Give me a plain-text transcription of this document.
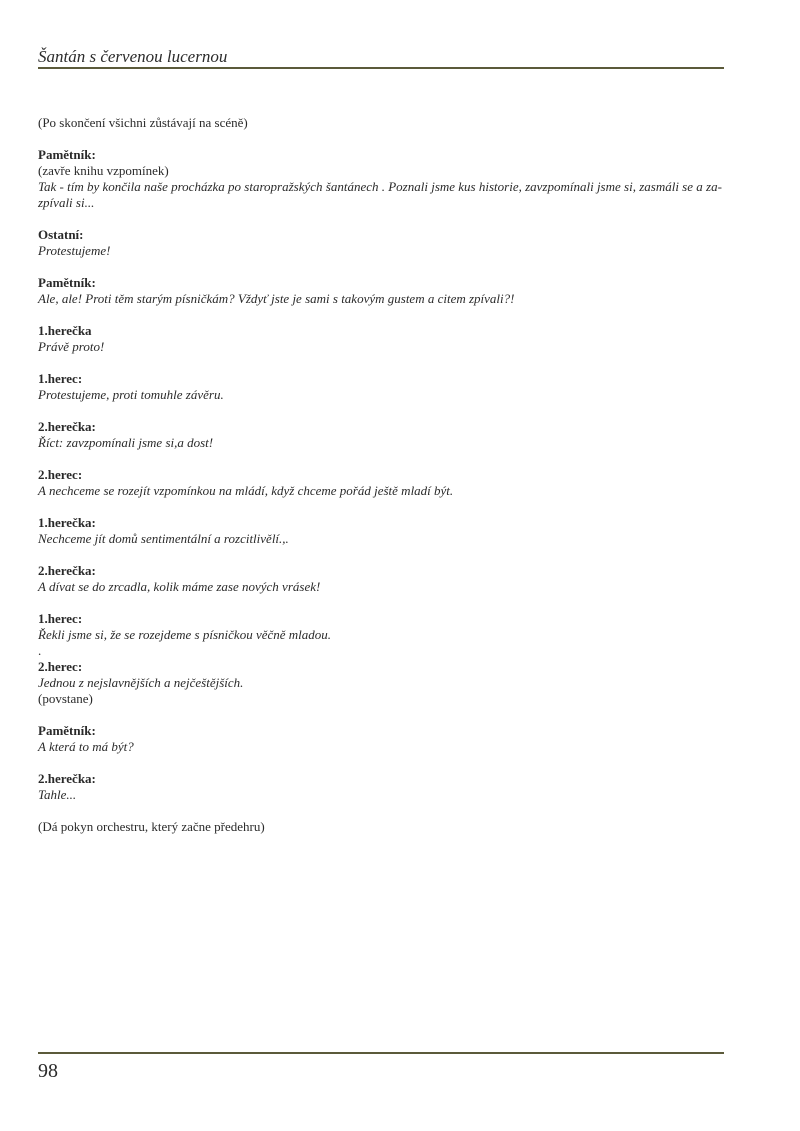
Šantán s červenou lucernou

(Po skončení všichni zůstávají na scéně)

Pamětník:

(zavře knihu vzpomínek)

Tak - tím by končila naše procházka po staropražských šantánech . Poznali jsme kus historie, zavzpomínali jsme si, zasmáli se a za-

zpívali si...

Ostatní:

Protestujeme!

Pamětník:

Ale, ale! Proti těm starým písničkám? Vždyť jste je sami s takovým gustem a citem zpívali?!

1.herečka

Právě proto!

1.herec:

Protestujeme, proti tomuhle závěru.

2.herečka:

Říct: zavzpomínali jsme si,a dost!

2.herec:

A nechceme se rozejít vzpomínkou na mládí, když chceme pořád ještě mladí být.

1.herečka:

Nechceme jít domů sentimentální a rozcitlivělí.,.

2.herečka:

A dívat se do zrcadla, kolik máme zase nových vrásek!

1.herec:

Řekli jsme si, že se rozejdeme s písničkou věčně mladou.

.

2.herec:

Jednou z nejslavnějších a nejčeštějších.

(povstane)

Pamětník:

A která to má být?

2.herečka:

Tahle...

(Dá pokyn orchestru, který začne předehru)

98
